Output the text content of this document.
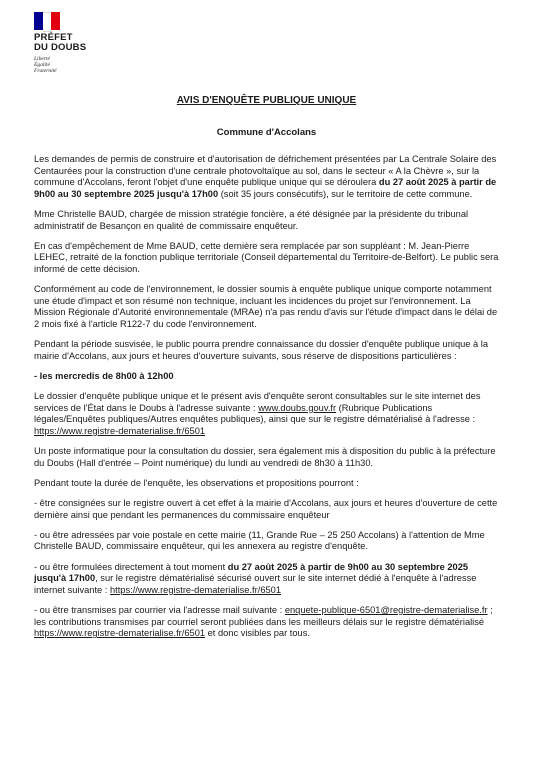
PRÉFET
DU DOUBS
Liberté
Égalité
Fraternité
AVIS D'ENQUÊTE PUBLIQUE UNIQUE
Commune d'Accolans

Les demandes de permis de construire et d'autorisation de défrichement présentées par La Centrale Solaire des Centaurées pour la construction d'une centrale photovoltaïque au sol, dans le secteur « A la Chèvre », sur la commune d'Accolans, feront l'objet d'une enquête publique unique qui se déroulera du 27 août 2025 à partir de 9h00 au 30 septembre 2025 jusqu'à 17h00 (soit 35 jours consécutifs), sur le territoire de cette commune.

Mme Christelle BAUD, chargée de mission stratégie foncière, a été désignée par la présidente du tribunal administratif de Besançon en qualité de commissaire enquêteur.

En cas d'empêchement de Mme BAUD, cette dernière sera remplacée par son suppléant : M. Jean-Pierre LEHEC, retraité de la fonction publique territoriale (Conseil départemental du Territoire-de-Belfort). Le public sera informé de cette décision.

Conformément au code de l'environnement, le dossier soumis à enquête publique unique comporte notamment une étude d'impact et son résumé non technique, incluant les incidences du projet sur l'environnement. La Mission Régionale d'Autorité environnementale (MRAe) n'a pas rendu d'avis sur l'étude d'impact dans le délai de 2 mois fixé à l'article R122-7 du code l'environnement.

Pendant la période susvisée, le public pourra prendre connaissance du dossier d'enquête publique unique à la mairie d'Accolans, aux jours et heures d'ouverture suivants, sous réserve de dispositions particulières :

- les mercredis de 8h00 à 12h00

Le dossier d'enquête publique unique et le présent avis d'enquête seront consultables sur le site internet des services de l'État dans le Doubs à l'adresse suivante : www.doubs.gouv.fr (Rubrique Publications légales/Enquêtes publiques/Autres enquêtes publiques), ainsi que sur le registre dématérialisé à l'adresse : https://www.registre-dematerialise.fr/6501

Un poste informatique pour la consultation du dossier, sera également mis à disposition du public à la préfecture du Doubs (Hall d'entrée – Point numérique) du lundi au vendredi de 8h30 à 11h30.

Pendant toute la durée de l'enquête, les observations et propositions pourront :

- être consignées sur le registre ouvert à cet effet à la mairie d'Accolans, aux jours et heures d'ouverture de cette dernière ainsi que pendant les permanences du commissaire enquêteur

- ou être adressées par voie postale en cette mairie (11, Grande Rue – 25 250 Accolans) à l'attention de Mme Christelle BAUD, commissaire enquêteur, qui les annexera au registre d'enquête.

- ou être formulées directement à tout moment du 27 août 2025 à partir de 9h00 au 30 septembre 2025 jusqu'à 17h00, sur le registre dématérialisé sécurisé ouvert sur le site internet dédié à l'enquête à l'adresse internet suivante : https://www.registre-dematerialise.fr/6501

- ou être transmises par courrier via l'adresse mail suivante : enquete-publique-6501@registre-dematerialise.fr ; les contributions transmises par courriel seront publiées dans les meilleurs délais sur le registre dématérialisé https://www.registre-dematerialise.fr/6501 et donc visibles par tous.
